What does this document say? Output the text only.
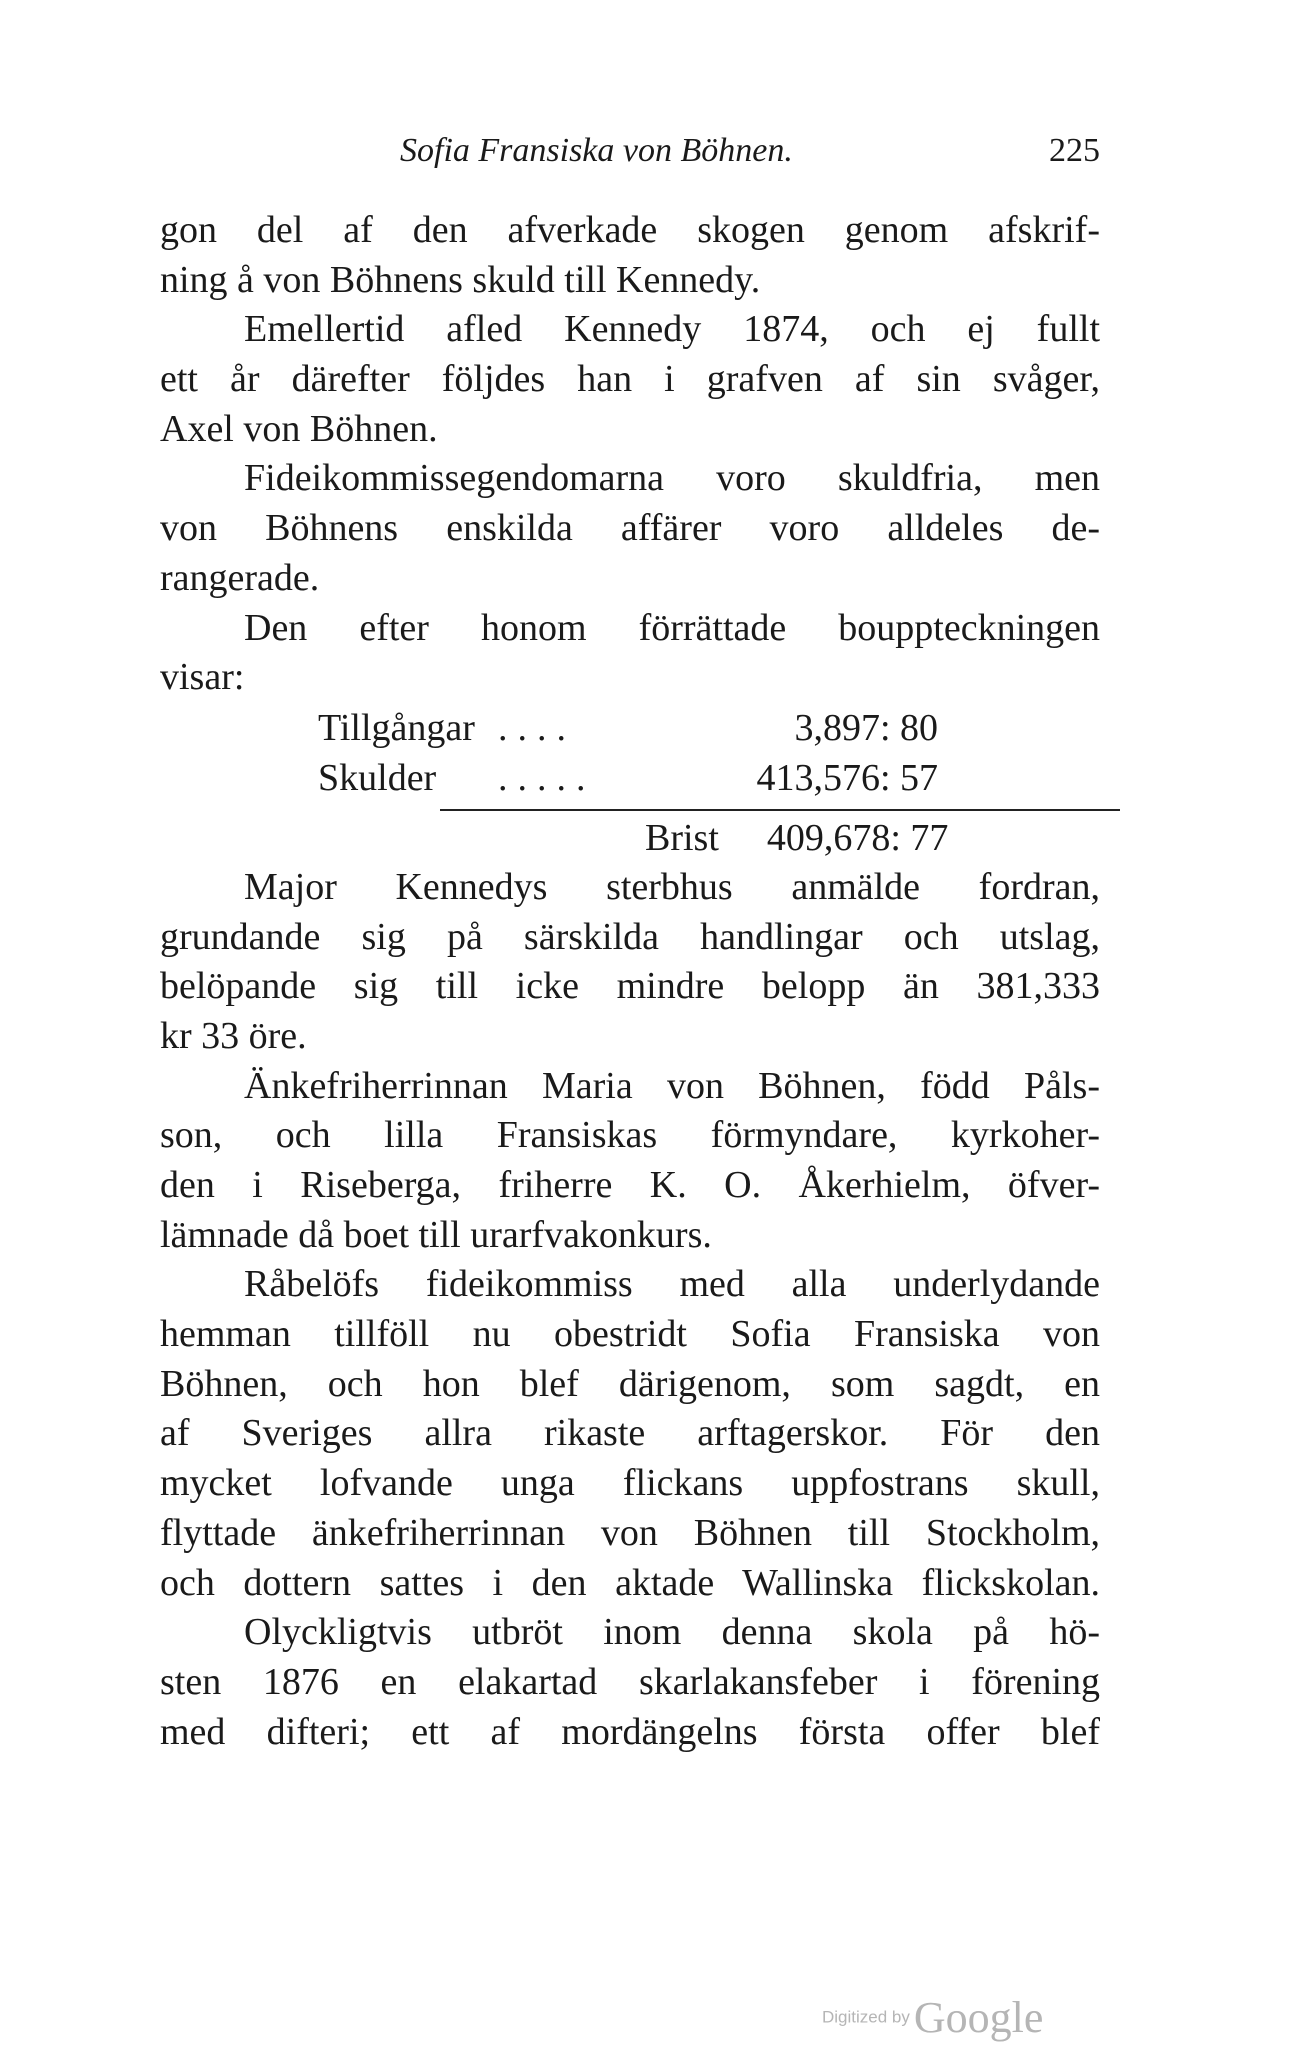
Sofia Fransiska von Böhnen.	225
gon del af den afverkade skogen genom afskrif-
ning å von Böhnens skuld till Kennedy.
Emellertid afled Kennedy 1874, och ej fullt
ett år därefter följdes han i grafven af sin svåger,
Axel von Böhnen.
Fideikommissegendomarna voro skuldfria, men
von Böhnens enskilda affärer voro alldeles de-
rangerade.
Den efter honom förrättade bouppteckningen
visar:
Tillgångar ....	3,897: 80
Skulder .....	413,576: 57
Brist 409,678: 77
Major Kennedys sterbhus anmälde fordran,
grundande sig på särskilda handlingar och utslag,
belöpande sig till icke mindre belopp än 381,333
kr 33 öre.
Änkefriherrinnan Maria von Böhnen, född Påls-
son, och lilla Fransiskas förmyndare, kyrkoher-
den i Riseberga, friherre K. O. Åkerhielm, öfver-
lämnade då boet till urarfvakonkurs.
Råbelöfs fideikommiss med alla underlydande
hemman tillföll nu obestridt Sofia Fransiska von
Böhnen, och hon blef därigenom, som sagdt, en
af Sveriges allra rikaste arftagerskor. För den
mycket lofvande unga flickans uppfostrans skull,
flyttade änkefriherrinnan von Böhnen till Stockholm,
och dottern sattes i den aktade Wallinska flickskolan.
Olyckligtvis utbröt inom denna skola på hö-
sten 1876 en elakartad skarlakansfeber i förening
med difteri; ett af mordängelns första offer blef
Digitized by Google
